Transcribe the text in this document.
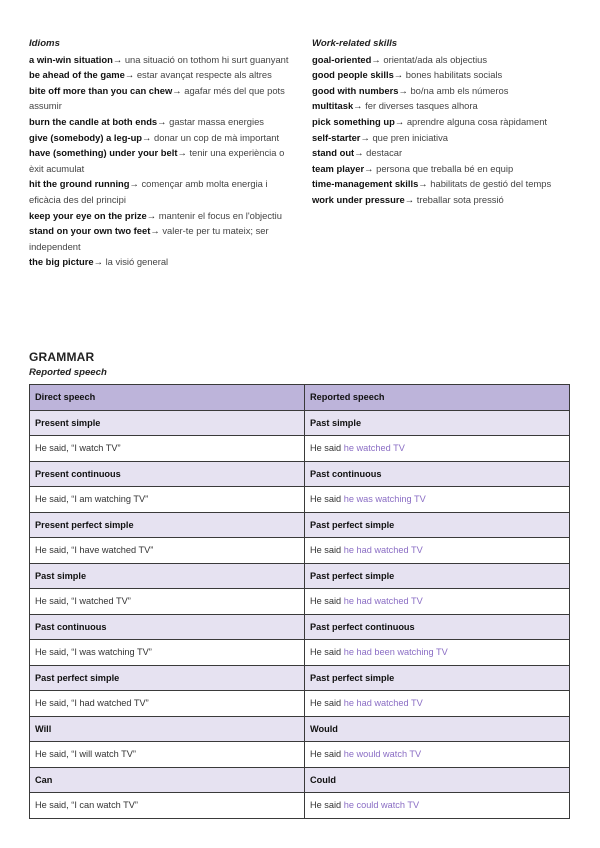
Idioms
a win-win situation→ una situació on tothom hi surt guanyant
be ahead of the game→ estar avançat respecte als altres
bite off more than you can chew→ agafar més del que pots assumir
burn the candle at both ends→ gastar massa energies
give (somebody) a leg-up→ donar un cop de mà important
have (something) under your belt→ tenir una experiència o èxit acumulat
hit the ground running→ començar amb molta energia i eficàcia des del principi
keep your eye on the prize→ mantenir el focus en l'objectiu
stand on your own two feet→ valer-te per tu mateix; ser independent
the big picture→ la visió general
Work-related skills
goal-oriented→ orientat/ada als objectius
good people skills→ bones habilitats socials
good with numbers→ bo/na amb els números
multitask→ fer diverses tasques alhora
pick something up→ aprendre alguna cosa ràpidament
self-starter→ que pren iniciativa
stand out→ destacar
team player→ persona que treballa bé en equip
time-management skills→ habilitats de gestió del temps
work under pressure→ treballar sota pressió
GRAMMAR
Reported speech
Direct speech	Reported speech
Present simple	Past simple
He said, “I watch TV”	He said he watched TV
Present continuous	Past continuous
He said, “I am watching TV”	He said he was watching TV
Present perfect simple	Past perfect simple
He said, “I have watched TV”	He said he had watched TV
Past simple	Past perfect simple
He said, “I watched TV”	He said he had watched TV
Past continuous	Past perfect continuous
He said, “I was watching TV”	He said he had been watching TV
Past perfect simple	Past perfect simple
He said, “I had watched TV”	He said he had watched TV
Will	Would
He said, “I will watch TV”	He said he would watch TV
Can	Could
He said, “I can watch TV”	He said he could watch TV
